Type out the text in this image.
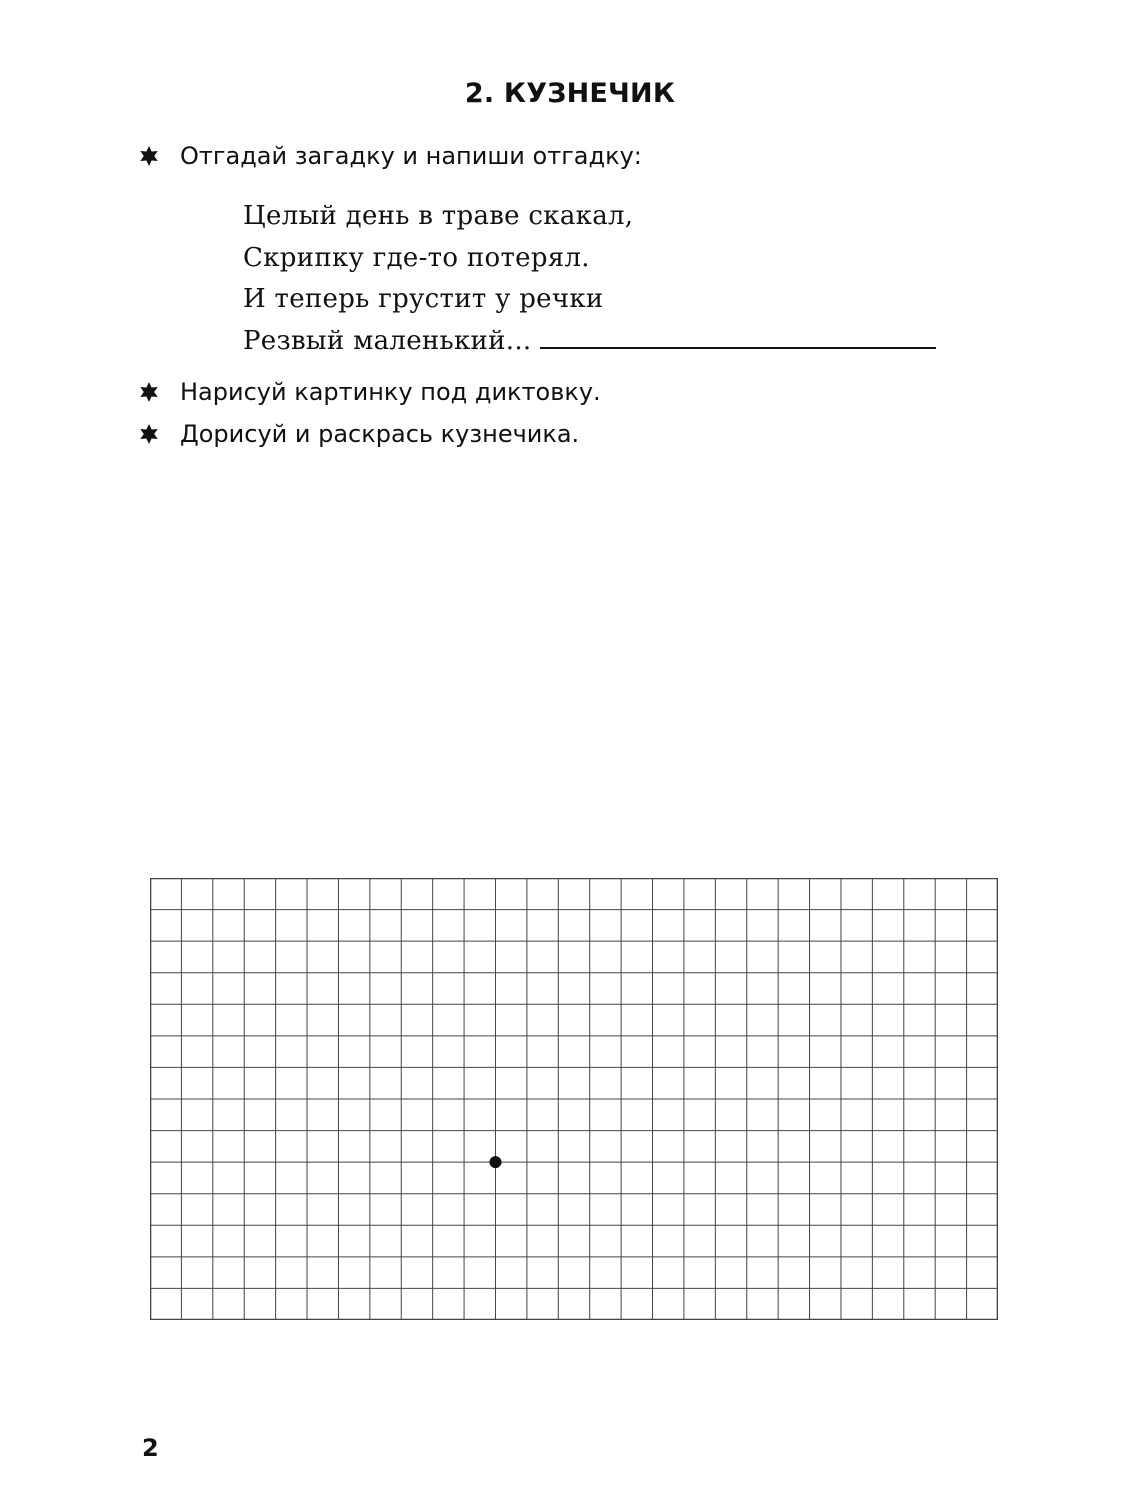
2. КУЗНЕЧИК
Отгадай загадку и напиши отгадку:
Целый день в траве скакал,
Скрипку где-то потерял.
И теперь грустит у речки
Резвый маленький...
Нарисуй картинку под диктовку.
Дорисуй и раскрась кузнечика.
2
